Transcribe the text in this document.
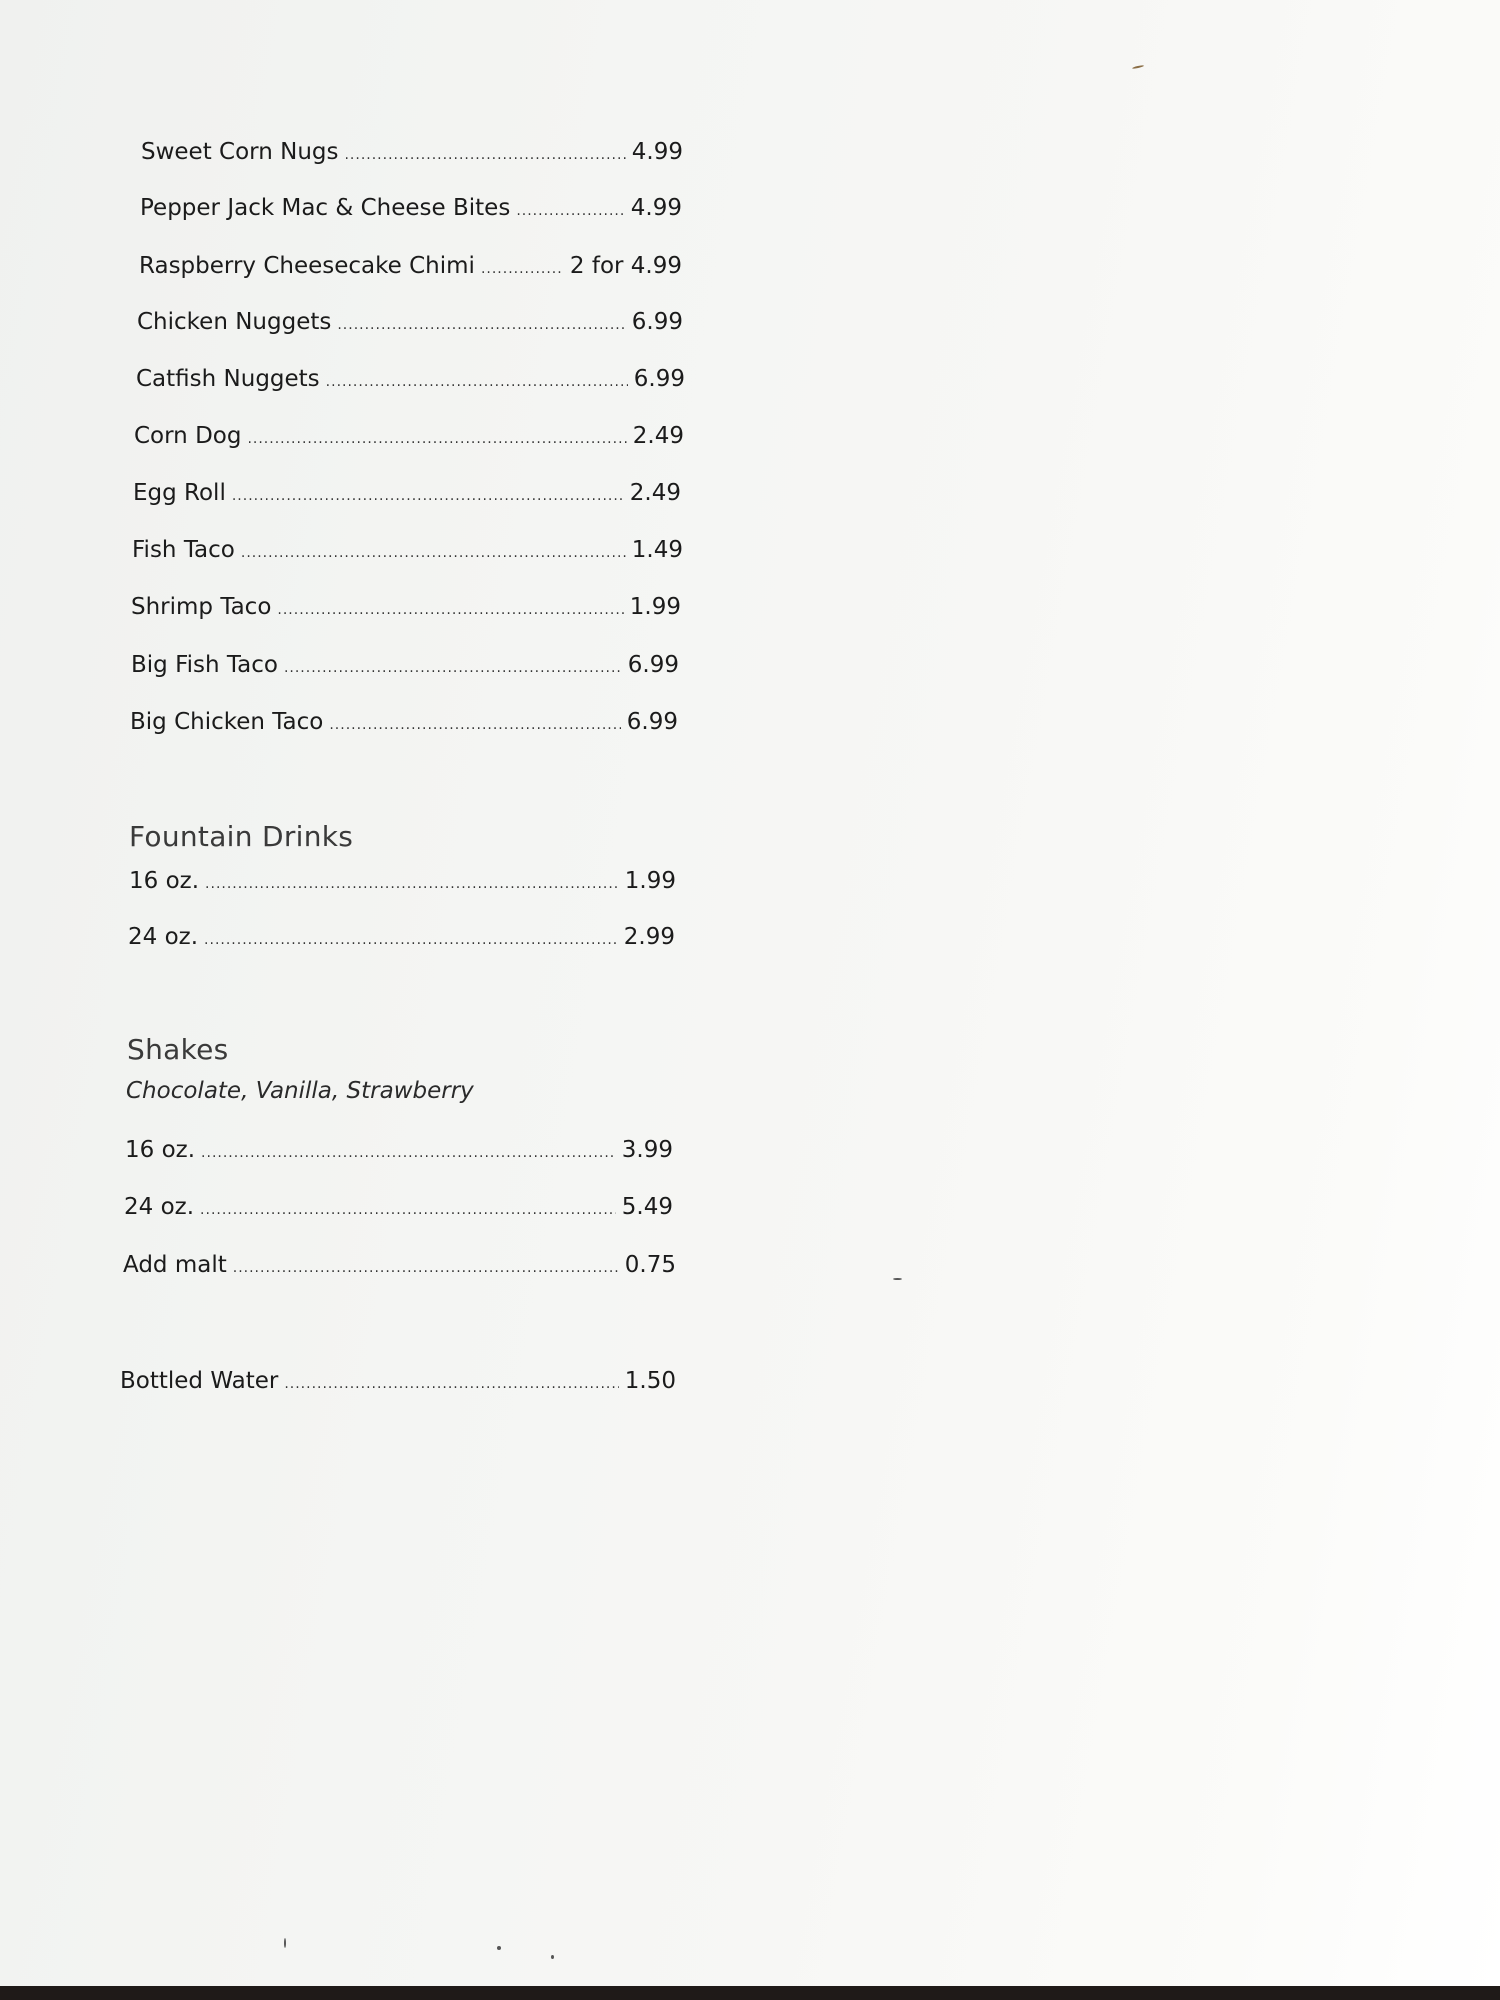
Sweet Corn Nugs .....	4.99
Pepper Jack Mac & Cheese Bites .....	4.99
Raspberry Cheesecake Chimi .....	2 for 4.99
Chicken Nuggets .....	6.99
Catfish Nuggets .....	6.99
Corn Dog .....	2.49
Egg Roll .....	2.49
Fish Taco .....	1.49
Shrimp Taco .....	1.99
Big Fish Taco .....	6.99
Big Chicken Taco .....	6.99
Fountain Drinks
16 oz. .....	1.99
24 oz. .....	2.99
Shakes

Chocolate, Vanilla, Strawberry

16 oz. .....	3.99
24 oz. .....	5.49
Add malt .....	0.75
Bottled Water .....	1.50
